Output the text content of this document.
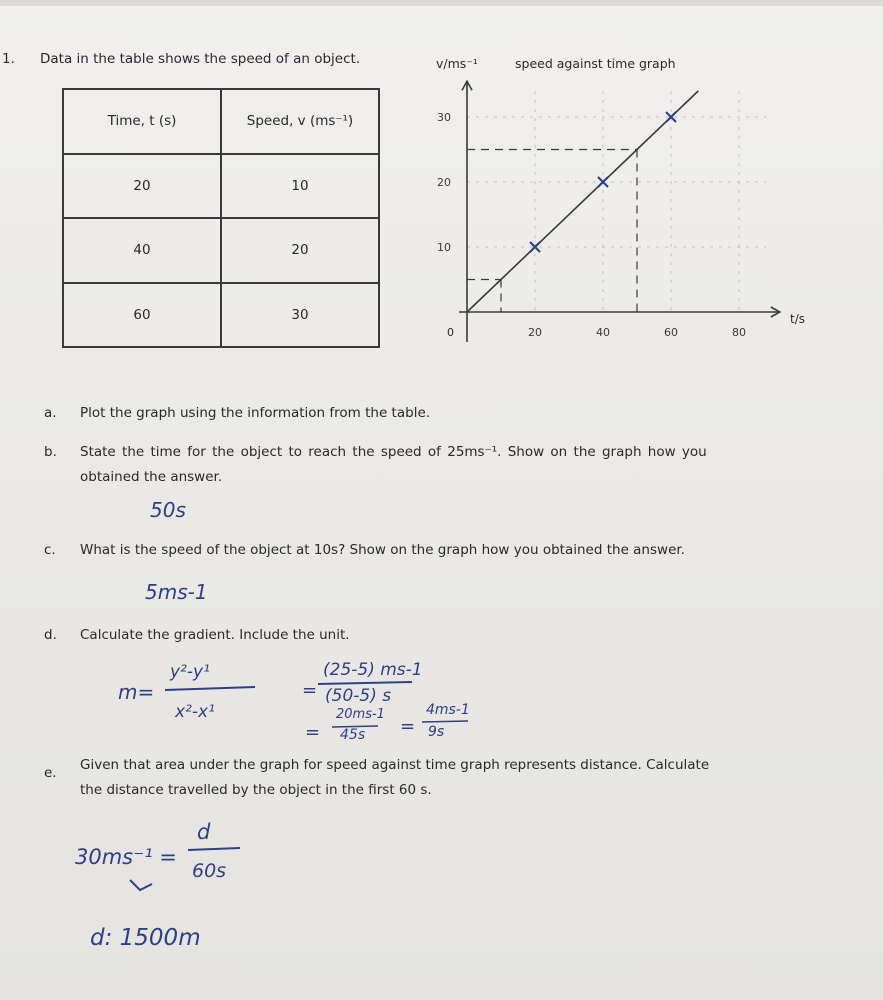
1. Data in the table shows the speed of an object.
Time, t (s)	Speed, v (ms⁻¹)
20	10
40	20
60	30
v/ms⁻¹	speed against time graph
t/s
0	20	40	60	80
10
20
30
a. Plot the graph using the information from the table.
b. State the time for the object to reach the speed of 25ms⁻¹. Show on the graph how you
obtained the answer.
50s
c. What is the speed of the object at 10s? Show on the graph how you obtained the answer.
5ms-1
d. Calculate the gradient. Include the unit.
m=
y²-y¹
x²-x¹
=
(25-5) ms-1
(50-5) s
=
20ms-1
45s =
4ms-1
9s
e. Given that area under the graph for speed against time graph represents distance. Calculate
the distance travelled by the object in the first 60 s.
30ms⁻¹ =
d
60s
d: 1500m
